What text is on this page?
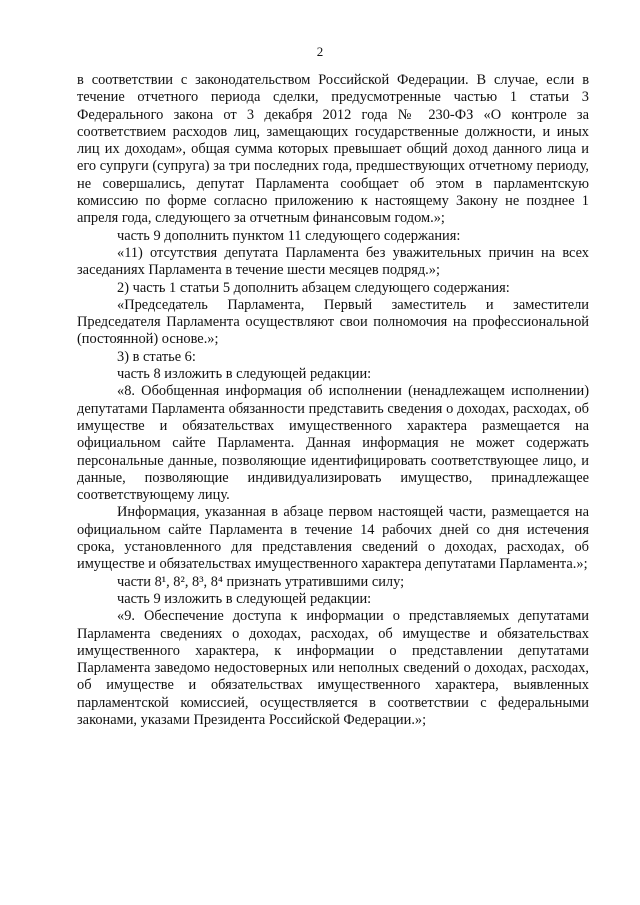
2

в соответствии с законодательством Российской Федерации. В случае, если в течение отчетного периода сделки, предусмотренные частью 1 статьи 3 Федерального закона от 3 декабря 2012 года № 230-ФЗ «О контроле за соответствием расходов лиц, замещающих государственные должности, и иных лиц их доходам», общая сумма которых превышает общий доход данного лица и его супруги (супруга) за три последних года, предшествующих отчетному периоду, не совершались, депутат Парламента сообщает об этом в парламентскую комиссию по форме согласно приложению к настоящему Закону не позднее 1 апреля года, следующего за отчетным финансовым годом.»;

часть 9 дополнить пунктом 11 следующего содержания:

«11) отсутствия депутата Парламента без уважительных причин на всех заседаниях Парламента в течение шести месяцев подряд.»;

2) часть 1 статьи 5 дополнить абзацем следующего содержания:

«Председатель Парламента, Первый заместитель и заместители Председателя Парламента осуществляют свои полномочия на профессиональной (постоянной) основе.»;

3) в статье 6:

часть 8 изложить в следующей редакции:

«8. Обобщенная информация об исполнении (ненадлежащем исполнении) депутатами Парламента обязанности представить сведения о доходах, расходах, об имуществе и обязательствах имущественного характера размещается на официальном сайте Парламента. Данная информация не может содержать персональные данные, позволяющие идентифицировать соответствующее лицо, и данные, позволяющие индивидуализировать имущество, принадлежащее соответствующему лицу.

Информация, указанная в абзаце первом настоящей части, размещается на официальном сайте Парламента в течение 14 рабочих дней со дня истечения срока, установленного для представления сведений о доходах, расходах, об имуществе и обязательствах имущественного характера депутатами Парламента.»;

части 8¹, 8², 8³, 8⁴ признать утратившими силу;

часть 9 изложить в следующей редакции:

«9. Обеспечение доступа к информации о представляемых депутатами Парламента сведениях о доходах, расходах, об имуществе и обязательствах имущественного характера, к информации о представлении депутатами Парламента заведомо недостоверных или неполных сведений о доходах, расходах, об имуществе и обязательствах имущественного характера, выявленных парламентской комиссией, осуществляется в соответствии с федеральными законами, указами Президента Российской Федерации.»;
